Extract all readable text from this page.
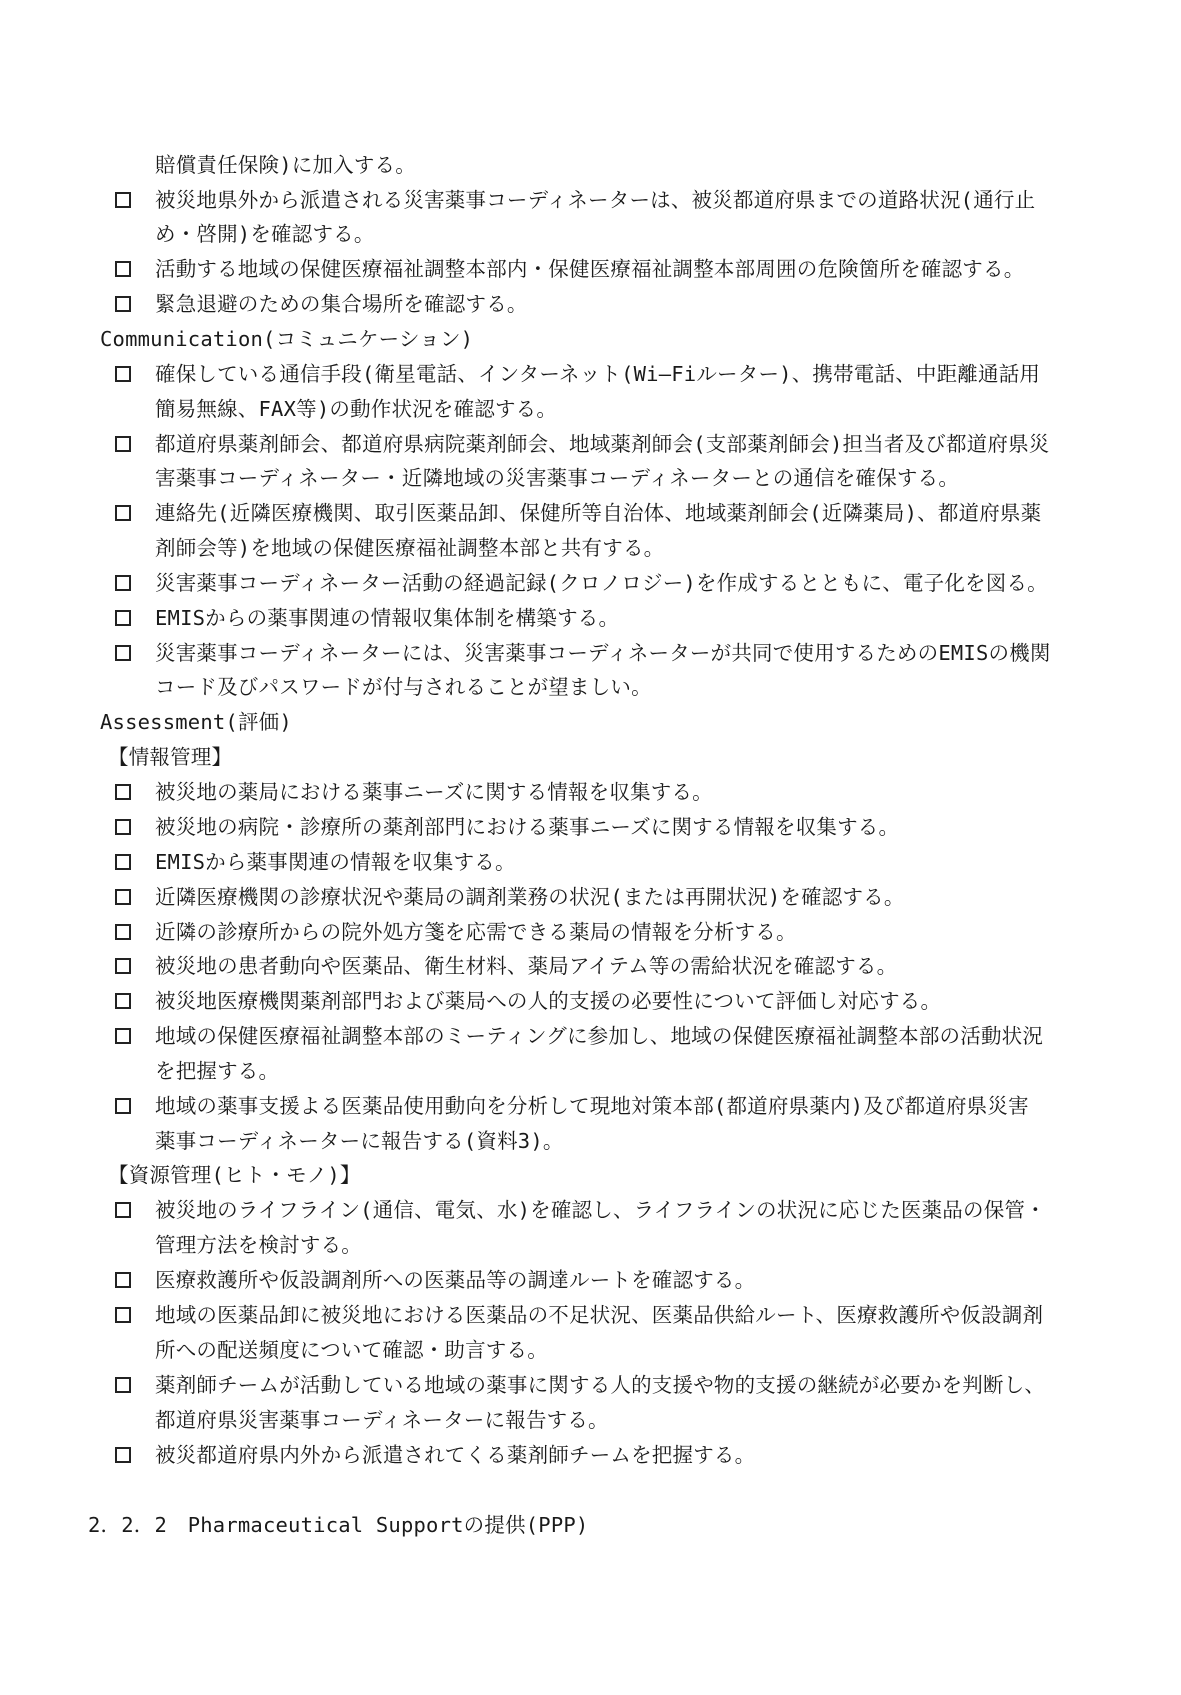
賠償責任保険)に加入する。
被災地県外から派遣される災害薬事コーディネーターは、被災都道府県までの道路状況(通行止
め・啓開)を確認する。
活動する地域の保健医療福祉調整本部内・保健医療福祉調整本部周囲の危険箇所を確認する。
緊急退避のための集合場所を確認する。
Communication(コミュニケーション)
確保している通信手段(衛星電話、インターネット(Wi―Fiルーター)、携帯電話、中距離通話用
簡易無線、FAX等)の動作状況を確認する。
都道府県薬剤師会、都道府県病院薬剤師会、地域薬剤師会(支部薬剤師会)担当者及び都道府県災
害薬事コーディネーター・近隣地域の災害薬事コーディネーターとの通信を確保する。
連絡先(近隣医療機関、取引医薬品卸、保健所等自治体、地域薬剤師会(近隣薬局)、都道府県薬
剤師会等)を地域の保健医療福祉調整本部と共有する。
災害薬事コーディネーター活動の経過記録(クロノロジー)を作成するとともに、電子化を図る。
EMISからの薬事関連の情報収集体制を構築する。
災害薬事コーディネーターには、災害薬事コーディネーターが共同で使用するためのEMISの機関
コード及びパスワードが付与されることが望ましい。
Assessment(評価)
【情報管理】
被災地の薬局における薬事ニーズに関する情報を収集する。
被災地の病院・診療所の薬剤部門における薬事ニーズに関する情報を収集する。
EMISから薬事関連の情報を収集する。
近隣医療機関の診療状況や薬局の調剤業務の状況(または再開状況)を確認する。
近隣の診療所からの院外処方箋を応需できる薬局の情報を分析する。
被災地の患者動向や医薬品、衛生材料、薬局アイテム等の需給状況を確認する。
被災地医療機関薬剤部門および薬局への人的支援の必要性について評価し対応する。
地域の保健医療福祉調整本部のミーティングに参加し、地域の保健医療福祉調整本部の活動状況
を把握する。
地域の薬事支援よる医薬品使用動向を分析して現地対策本部(都道府県薬内)及び都道府県災害
薬事コーディネーターに報告する(資料3)。
【資源管理(ヒト・モノ)】
被災地のライフライン(通信、電気、水)を確認し、ライフラインの状況に応じた医薬品の保管・
管理方法を検討する。
医療救護所や仮設調剤所への医薬品等の調達ルートを確認する。
地域の医薬品卸に被災地における医薬品の不足状況、医薬品供給ルート、医療救護所や仮設調剤
所への配送頻度について確認・助言する。
薬剤師チームが活動している地域の薬事に関する人的支援や物的支援の継続が必要かを判断し、
都道府県災害薬事コーディネーターに報告する。
被災都道府県内外から派遣されてくる薬剤師チームを把握する。
2．2．2　Pharmaceutical Supportの提供(PPP)
